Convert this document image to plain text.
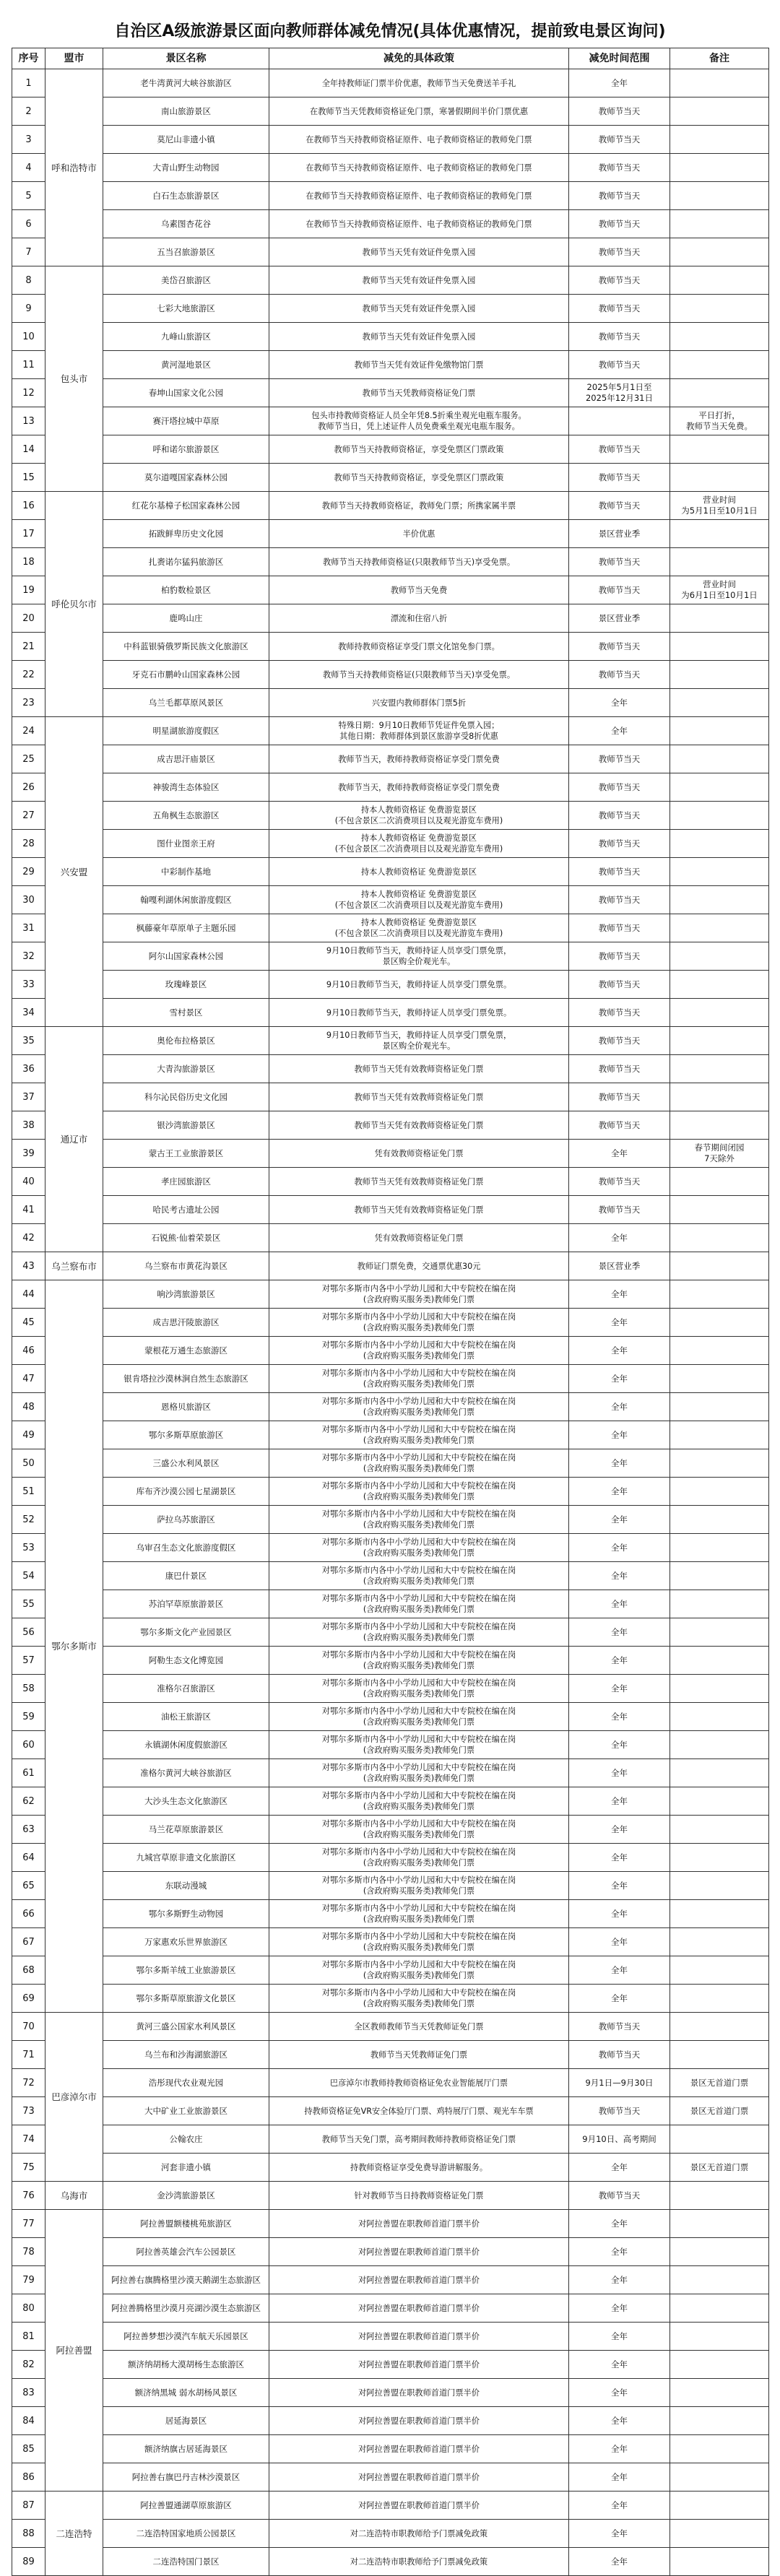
自治区A级旅游景区面向教师群体减免情况(具体优惠情况，提前致电景区询问)
序号	盟市	景区名称	减免的具体政策	减免时间范围	备注
1	呼和浩特市	老牛湾黄河大峡谷旅游区	全年持教师证门票半价优惠，教师节当天免费送羊手礼	全年	
2		南山旅游景区	在教师节当天凭教师资格证免门票，寒暑假期间半价门票优惠	教师节当天	
3		莫尼山非遗小镇	在教师节当天持教师资格证原件、电子教师资格证的教师免门票	教师节当天	
4		大青山野生动物园	在教师节当天持教师资格证原件、电子教师资格证的教师免门票	教师节当天	
5		白石生态旅游景区	在教师节当天持教师资格证原件、电子教师资格证的教师免门票	教师节当天	
6		乌素图杏花谷	在教师节当天持教师资格证原件、电子教师资格证的教师免门票	教师节当天	
7		五当召旅游景区	教师节当天凭有效证件免票入园	教师节当天	
8	包头市	美岱召旅游区	教师节当天凭有效证件免票入园	教师节当天	
9		七彩大地旅游区	教师节当天凭有效证件免票入园	教师节当天	
10		九峰山旅游区	教师节当天凭有效证件免票入园	教师节当天	
11		黄河湿地景区	教师节当天凭有效证件免缴物馆门票	教师节当天	
12		春坤山国家文化公园	教师节当天凭教师资格证免门票	2025年5月1日至
2025年12月31日	
13		赛汗塔拉城中草原	包头市持教师资格证人员全年凭8.5折乘坐观光电瓶车服务。
教师节当日，凭上述证件人员免费乘坐观光电瓶车服务。		平日打折，
教师节当天免费。
14		呼和诺尔旅游景区	教师节当天持教师资格证，享受免票区门票政策	教师节当天	
15		莫尔道嘎国家森林公园	教师节当天持教师资格证，享受免票区门票政策	教师节当天	
16	呼伦贝尔市	红花尔基樟子松国家森林公园	教师节当天持教师资格证，教师免门票；所携家属半票	教师节当天	营业时间
为5月1日至10月1日
17		拓跋鲜卑历史文化园	半价优惠	景区营业季	
18		扎赉诺尔猛犸旅游区	教师节当天持教师资格证(只限教师节当天)享受免票。	教师节当天	
19		柏豹数检景区	教师节当天免费	教师节当天	营业时间
为6月1日至10月1日
20		鹿鸣山庄	漂流和住宿八折	景区营业季	
21		中科蓝银骑俄罗斯民族文化旅游区	教师持教师资格证享受门票文化馆免参门票。	教师节当天	
22		牙克石市鹏岭山国家森林公园	教师节当天持教师资格证(只限教师节当天)享受免票。	教师节当天	
23		乌兰毛都草原风景区	兴安盟内教师群体门票5折	全年	
24	兴安盟	明星湖旅游度假区	特殊日期：9月10日教师节凭证件免票入园；
其他日期：教师群体到景区旅游享受8折优惠	全年	
25		成吉思汗庙景区	教师节当天，教师持教师资格证享受门票免费	教师节当天	
26		神骏湾生态体验区	教师节当天，教师持教师资格证享受门票免费	教师节当天	
27		五角枫生态旅游区	持本人教师资格证 免费游览景区
(不包含景区二次消费项目以及观光游览车费用)	教师节当天	
28		图什业图亲王府	持本人教师资格证 免费游览景区
(不包含景区二次消费项目以及观光游览车费用)	教师节当天	
29		中彩制作基地	持本人教师资格证 免费游览景区	教师节当天	
30		翰嘎利湖休闲旅游度假区	持本人教师资格证 免费游览景区
(不包含景区二次消费项目以及观光游览车费用)	教师节当天	
31		枫藤豪年草原单子主题乐园	持本人教师资格证 免费游览景区
(不包含景区二次消费项目以及观光游览车费用)	教师节当天	
32		阿尔山国家森林公园	9月10日教师节当天，教师持证人员享受门票免票，
景区购全价观光车。	教师节当天	
33		玫瑰峰景区	9月10日教师节当天，教师持证人员享受门票免票。	教师节当天	
34		雪村景区	9月10日教师节当天，教师持证人员享受门票免票。	教师节当天	
35	通辽市	奥伦布拉格景区	9月10日教师节当天，教师持证人员享受门票免票，
景区购全价观光车。	教师节当天	
36		大青沟旅游景区	教师节当天凭有效教师资格证免门票	教师节当天	
37		科尔沁民俗历史文化园	教师节当天凭有效教师资格证免门票	教师节当天	
38		银沙湾旅游景区	教师节当天凭有效教师资格证免门票	教师节当天	
39		蒙古王工业旅游景区	凭有效教师资格证免门票	全年	春节期间闭园
7天除外
40		孝庄园旅游区	教师节当天凭有效教师资格证免门票	教师节当天	
41		哈民考古遗址公园	教师节当天凭有效教师资格证免门票	教师节当天	
42		石锐熊·仙着荣景区	凭有效教师资格证免门票	全年	
43	乌兰察布市	乌兰察布市黄花沟景区	教师证门票免费，交通票优惠30元	景区营业季	
44	鄂尔多斯市	响沙湾旅游景区	对鄂尔多斯市内各中小学幼儿园和大中专院校在编在岗
(含政府购买服务类)教师免门票	全年	
45		成吉思汗陵旅游区	对鄂尔多斯市内各中小学幼儿园和大中专院校在编在岗
(含政府购买服务类)教师免门票	全年	
46		蒙根花万通生态旅游区	对鄂尔多斯市内各中小学幼儿园和大中专院校在编在岗
(含政府购买服务类)教师免门票	全年	
47		银肯塔拉沙漠林涧自然生态旅游区	对鄂尔多斯市内各中小学幼儿园和大中专院校在编在岗
(含政府购买服务类)教师免门票	全年	
48		恩格贝旅游区	对鄂尔多斯市内各中小学幼儿园和大中专院校在编在岗
(含政府购买服务类)教师免门票	全年	
49		鄂尔多斯草原旅游区	对鄂尔多斯市内各中小学幼儿园和大中专院校在编在岗
(含政府购买服务类)教师免门票	全年	
50		三盛公水利风景区	对鄂尔多斯市内各中小学幼儿园和大中专院校在编在岗
(含政府购买服务类)教师免门票	全年	
51		库布齐沙漠公园七星湖景区	对鄂尔多斯市内各中小学幼儿园和大中专院校在编在岗
(含政府购买服务类)教师免门票	全年	
52		萨拉乌苏旅游区	对鄂尔多斯市内各中小学幼儿园和大中专院校在编在岗
(含政府购买服务类)教师免门票	全年	
53		乌审召生态文化旅游度假区	对鄂尔多斯市内各中小学幼儿园和大中专院校在编在岗
(含政府购买服务类)教师免门票	全年	
54		康巴什景区	对鄂尔多斯市内各中小学幼儿园和大中专院校在编在岗
(含政府购买服务类)教师免门票	全年	
55		苏泊罕草原旅游景区	对鄂尔多斯市内各中小学幼儿园和大中专院校在编在岗
(含政府购买服务类)教师免门票	全年	
56		鄂尔多斯文化产业园景区	对鄂尔多斯市内各中小学幼儿园和大中专院校在编在岗
(含政府购买服务类)教师免门票	全年	
57		阿勒生态文化博览园	对鄂尔多斯市内各中小学幼儿园和大中专院校在编在岗
(含政府购买服务类)教师免门票	全年	
58		准格尔召旅游区	对鄂尔多斯市内各中小学幼儿园和大中专院校在编在岗
(含政府购买服务类)教师免门票	全年	
59		油松王旅游区	对鄂尔多斯市内各中小学幼儿园和大中专院校在编在岗
(含政府购买服务类)教师免门票	全年	
60		永镇湖休闲度假旅游区	对鄂尔多斯市内各中小学幼儿园和大中专院校在编在岗
(含政府购买服务类)教师免门票	全年	
61		准格尔黄河大峡谷旅游区	对鄂尔多斯市内各中小学幼儿园和大中专院校在编在岗
(含政府购买服务类)教师免门票	全年	
62		大沙头生态文化旅游区	对鄂尔多斯市内各中小学幼儿园和大中专院校在编在岗
(含政府购买服务类)教师免门票	全年	
63		马兰花草原旅游景区	对鄂尔多斯市内各中小学幼儿园和大中专院校在编在岗
(含政府购买服务类)教师免门票	全年	
64		九城宫草原非遗文化旅游区	对鄂尔多斯市内各中小学幼儿园和大中专院校在编在岗
(含政府购买服务类)教师免门票	全年	
65		东联动漫城	对鄂尔多斯市内各中小学幼儿园和大中专院校在编在岗
(含政府购买服务类)教师免门票	全年	
66		鄂尔多斯野生动物园	对鄂尔多斯市内各中小学幼儿园和大中专院校在编在岗
(含政府购买服务类)教师免门票	全年	
67		万家惠欢乐世界旅游区	对鄂尔多斯市内各中小学幼儿园和大中专院校在编在岗
(含政府购买服务类)教师免门票	全年	
68		鄂尔多斯羊绒工业旅游景区	对鄂尔多斯市内各中小学幼儿园和大中专院校在编在岗
(含政府购买服务类)教师免门票	全年	
69		鄂尔多斯草原旅游文化景区	对鄂尔多斯市内各中小学幼儿园和大中专院校在编在岗
(含政府购买服务类)教师免门票	全年	
70	巴彦淖尔市	黄河三盛公国家水利风景区	全区教师教师节当天凭教师证免门票	教师节当天	
71		乌兰布和沙海湖旅游区	教师节当天凭教师证免门票	教师节当天	
72		浩彤现代农业观光园	巴彦淖尔市教师持教师资格证免农业智能展厅门票	9月1日—9月30日	景区无首道门票
73		大中矿业工业旅游景区	持教师资格证免VR安全体验厅门票、鸡特展厅门票、观光车车票	教师节当天	景区无首道门票
74		公翰农庄	教师节当天免门票，高考期间教师持教师资格证免门票	9月10日、高考期间	
75		河套非遗小镇	持教师资格证享受免费导游讲解服务。	全年	景区无首道门票
76	乌海市	金沙湾旅游景区	针对教师节当日持教师资格证免门票	教师节当天	
77	阿拉善盟	阿拉善盟额楼桃苑旅游区	对阿拉善盟在职教师首道门票半价	全年	
78		阿拉善英雄会汽车公园景区	对阿拉善盟在职教师首道门票半价	全年	
79		阿拉善右旗腾格里沙漠天鹅湖生态旅游区	对阿拉善盟在职教师首道门票半价	全年	
80		阿拉善腾格里沙漠月亮湖沙漠生态旅游区	对阿拉善盟在职教师首道门票半价	全年	
81		阿拉善梦想沙漠汽车航天乐园景区	对阿拉善盟在职教师首道门票半价	全年	
82		额济纳胡杨大漠胡杨生态旅游区	对阿拉善盟在职教师首道门票半价	全年	
83		额济纳黑城 弱水胡杨风景区	对阿拉善盟在职教师首道门票半价	全年	
84		居延海景区	对阿拉善盟在职教师首道门票半价	全年	
85		额济纳旗古居延海景区	对阿拉善盟在职教师首道门票半价	全年	
86		阿拉善右旗巴丹吉林沙漠景区	对阿拉善盟在职教师首道门票半价	全年	
87	二连浩特	阿拉善盟通湖草原旅游区	对阿拉善盟在职教师首道门票半价	全年	
88		二连浩特国家地质公园景区	对二连浩特市职教师给予门票减免政策	全年	
89		二连浩特国门景区	对二连浩特市职教师给予门票减免政策	全年	
